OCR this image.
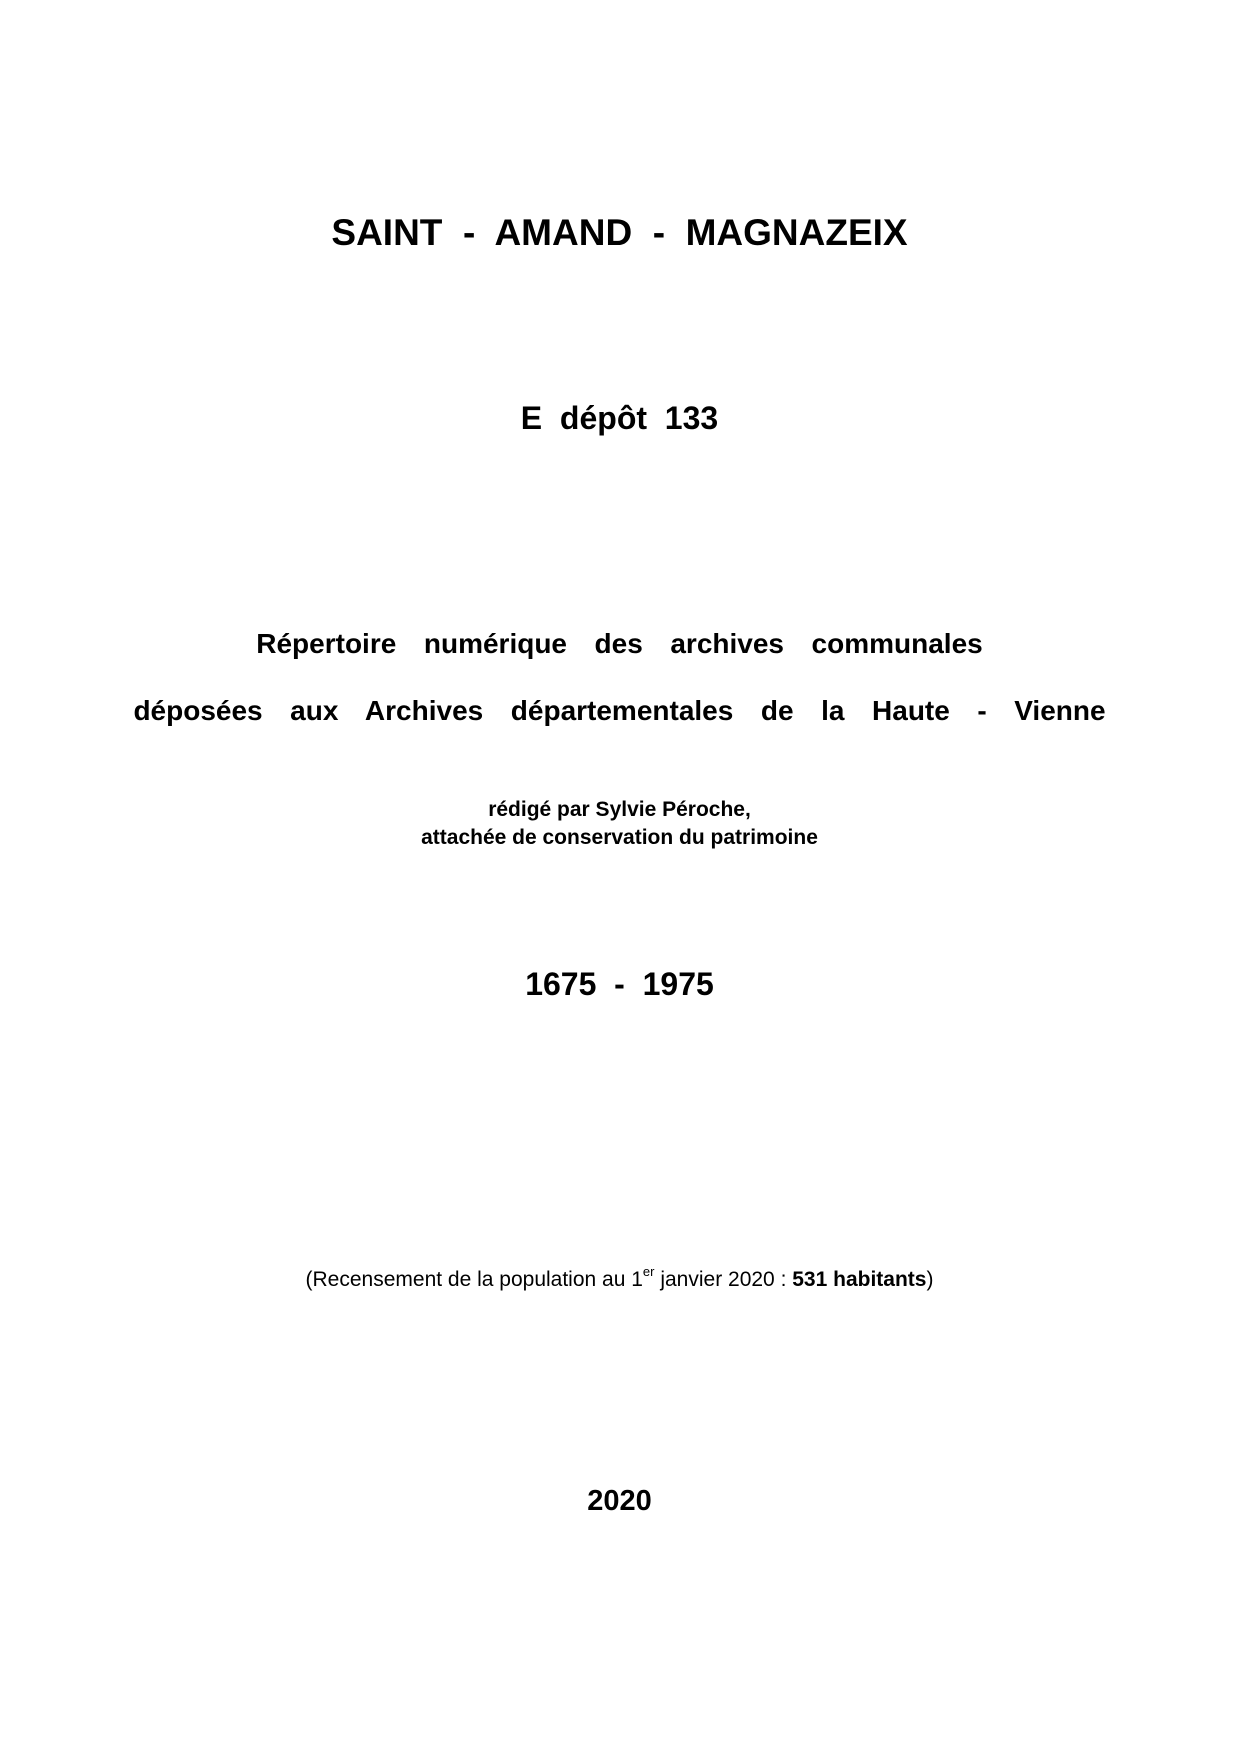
SAINT  -  AMAND  -  MAGNAZEIX

E  dépôt  133

Répertoire  numérique  des  archives  communales

déposées  aux  Archives  départementales  de  la  Haute  -  Vienne

rédigé par Sylvie Péroche,

attachée de conservation du patrimoine

1675  -  1975

(Recensement de la population au 1er janvier 2020 : 531 habitants)

2020
